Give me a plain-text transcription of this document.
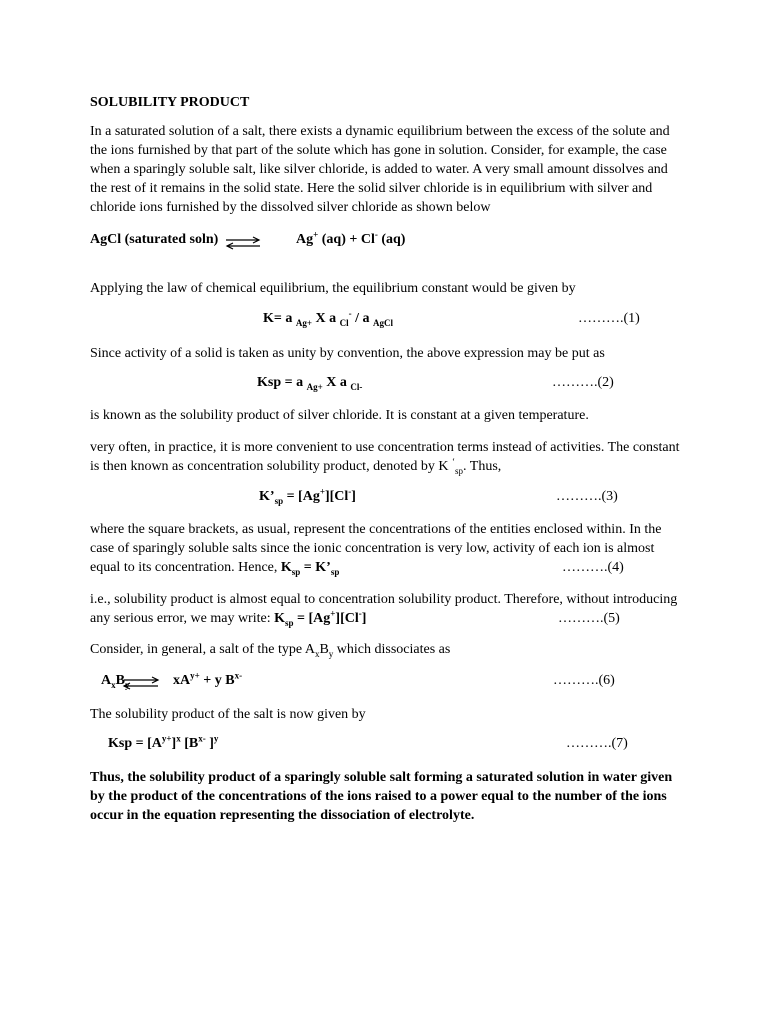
SOLUBILITY PRODUCT
In a saturated solution of a salt, there exists a dynamic equilibrium between the excess of the solute and the ions furnished by that part of the solute which has gone in solution. Consider, for example, the case when a sparingly soluble salt, like silver chloride, is added to water. A very small amount dissolves and the rest of it remains in the solid state. Here the solid silver chloride is in equilibrium with silver and chloride ions furnished by the dissolved silver chloride as shown below
AgCl (saturated soln) ⇌ Ag+ (aq) + Cl- (aq)
Applying the law of chemical equilibrium, the equilibrium constant would be given by
K= a $_{Ag+}$ X a $_{Cl}$- / a $_{AgCl}$	……….(1)
Since activity of a solid is taken as unity by convention, the above expression may be put as
Ksp = a $_{Ag+}$ X a $_{Cl-}$	……….(2)
is known as the solubility product of silver chloride. It is constant at a given temperature.
very often, in practice, it is more convenient to use concentration terms instead of activities. The constant
is then known as concentration solubility product, denoted by K ‘$_{sp}$. Thus,
$K’_{sp} = [Ag^+][Cl^-]$	……….(3)
where the square brackets, as usual, represent the concentrations of the entities enclosed within. In the
case of sparingly soluble salts since the ionic concentration is very low, activity of each ion is almost
equal to its concentration. Hence, $K_{sp}$ = $K’_{sp}$	……….(4)
i.e., solubility product is almost equal to concentration solubility product. Therefore, without introducing
any serious error, we may write: $K_{sp} = [Ag^+][Cl^-]$	……….(5)
Consider, in general, a salt of the type $A_xB_y$ which dissociates as
$A_xB_y$ ⇌ $xA^{y+} + y$ $B^{x-}$	……….(6)
The solubility product of the salt is now given by
Ksp = $[A^{y+}]^x$ [$B^{x-}$ ]$^y$	……….(7)
Thus, the solubility product of a sparingly soluble salt forming a saturated solution in water given
by the product of the concentrations of the ions raised to a power equal to the number of the ions
occur in the equation representing the dissociation of electrolyte.
